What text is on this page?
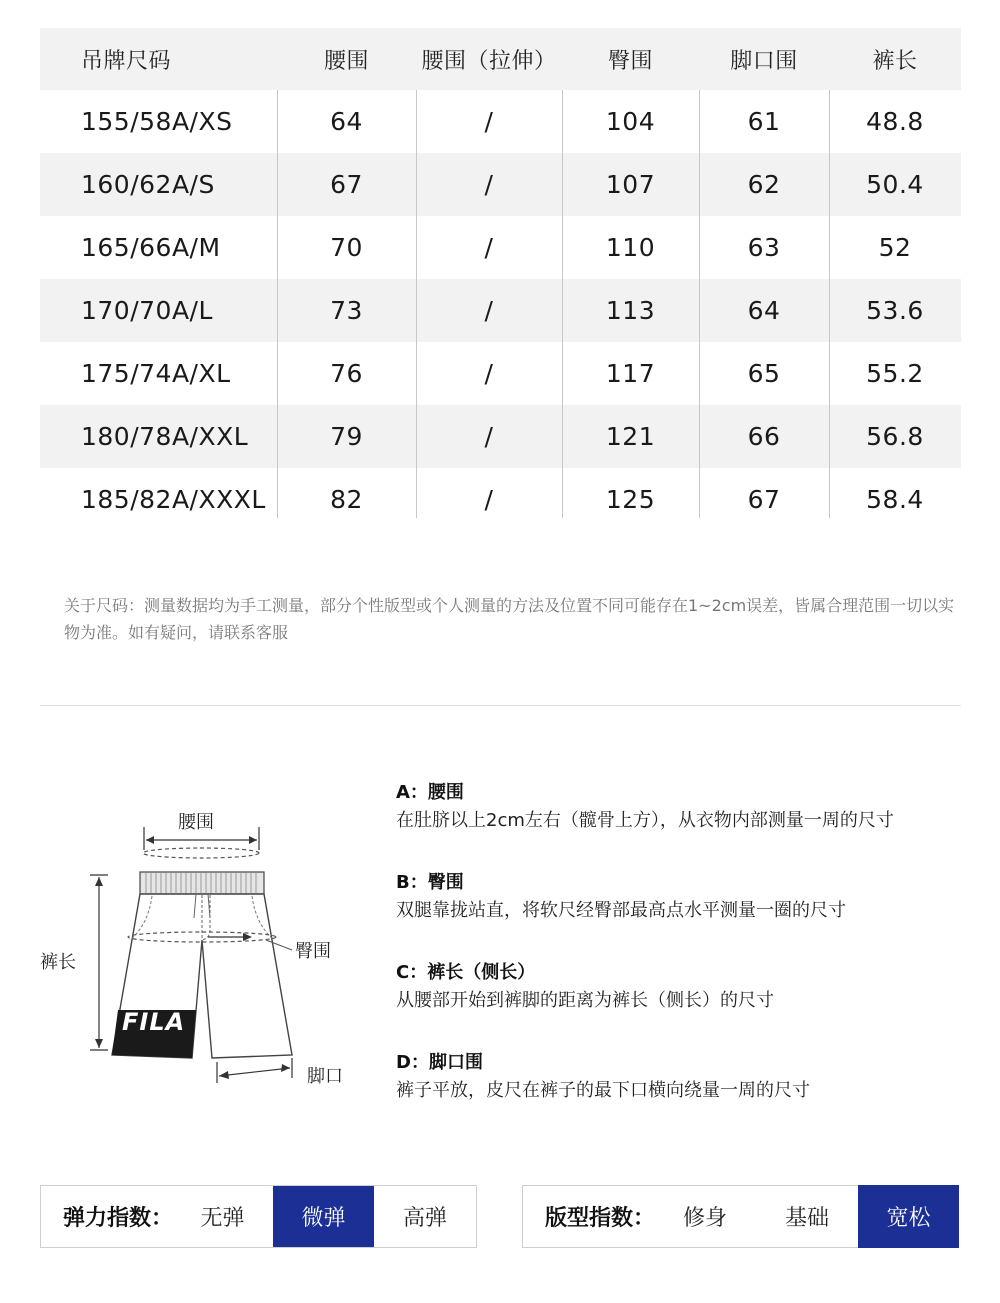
吊牌尺码	腰围	腰围（拉伸）	臀围	脚口围	裤长
155/58A/XS	64	/	104	61	48.8
160/62A/S	67	/	107	62	50.4
165/66A/M	70	/	110	63	52
170/70A/L	73	/	113	64	53.6
175/74A/XL	76	/	117	65	55.2
180/78A/XXL	79	/	121	66	56.8
185/82A/XXXL	82	/	125	67	58.4
关于尺码：测量数据均为手工测量，部分个性版型或个人测量的方法及位置不同可能存在1~2cm误差，皆属合理范围一切以实物为准。如有疑问，请联系客服
腰围
臀围
裤长
脚口
FILA
A：腰围
在肚脐以上2cm左右（髋骨上方），从衣物内部测量一周的尺寸
B：臀围
双腿靠拢站直，将软尺经臀部最高点水平测量一圈的尺寸
C：裤长（侧长）
从腰部开始到裤脚的距离为裤长（侧长）的尺寸
D：脚口围
裤子平放，皮尺在裤子的最下口横向绕量一周的尺寸
弹力指数：	无弹	微弹	高弹	版型指数：	修身	基础	宽松
